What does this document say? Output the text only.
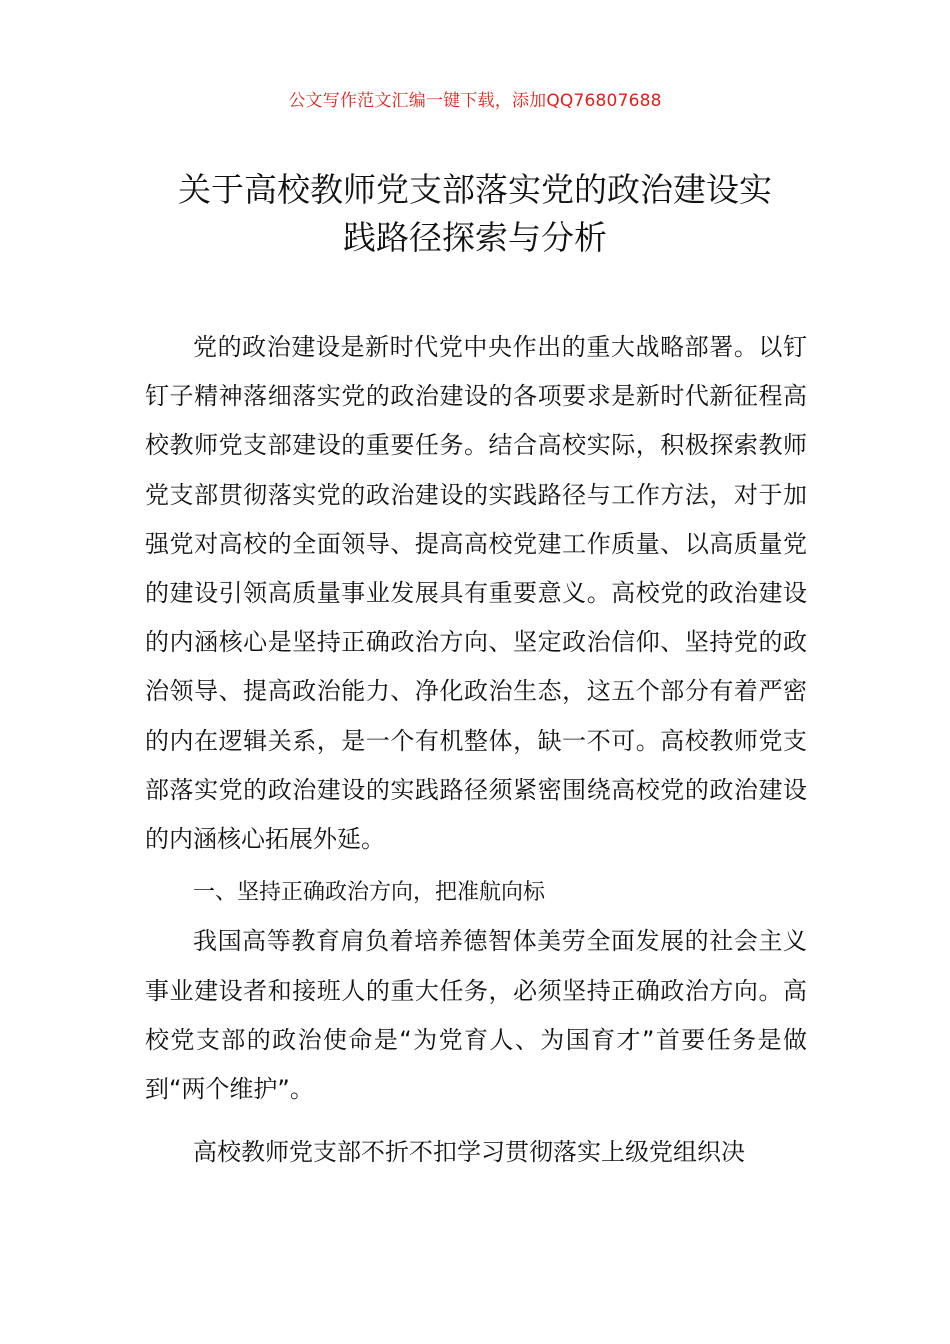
公文写作范文汇编一键下载，添加QQ76807688
关于高校教师党支部落实党的政治建设实
践路径探索与分析

党的政治建设是新时代党中央作出的重大战略部署。以钉钉子精神落细落实党的政治建设的各项要求是新时代新征程高校教师党支部建设的重要任务。结合高校实际，积极探索教师党支部贯彻落实党的政治建设的实践路径与工作方法，对于加强党对高校的全面领导、提高高校党建工作质量、以高质量党的建设引领高质量事业发展具有重要意义。高校党的政治建设的内涵核心是坚持正确政治方向、坚定政治信仰、坚持党的政治领导、提高政治能力、净化政治生态，这五个部分有着严密的内在逻辑关系，是一个有机整体，缺一不可。高校教师党支部落实党的政治建设的实践路径须紧密围绕高校党的政治建设的内涵核心拓展外延。

一、坚持正确政治方向，把准航向标

我国高等教育肩负着培养德智体美劳全面发展的社会主义事业建设者和接班人的重大任务，必须坚持正确政治方向。高校党支部的政治使命是“为党育人、为国育才”首要任务是做到“两个维护”。

高校教师党支部不折不扣学习贯彻落实上级党组织决
